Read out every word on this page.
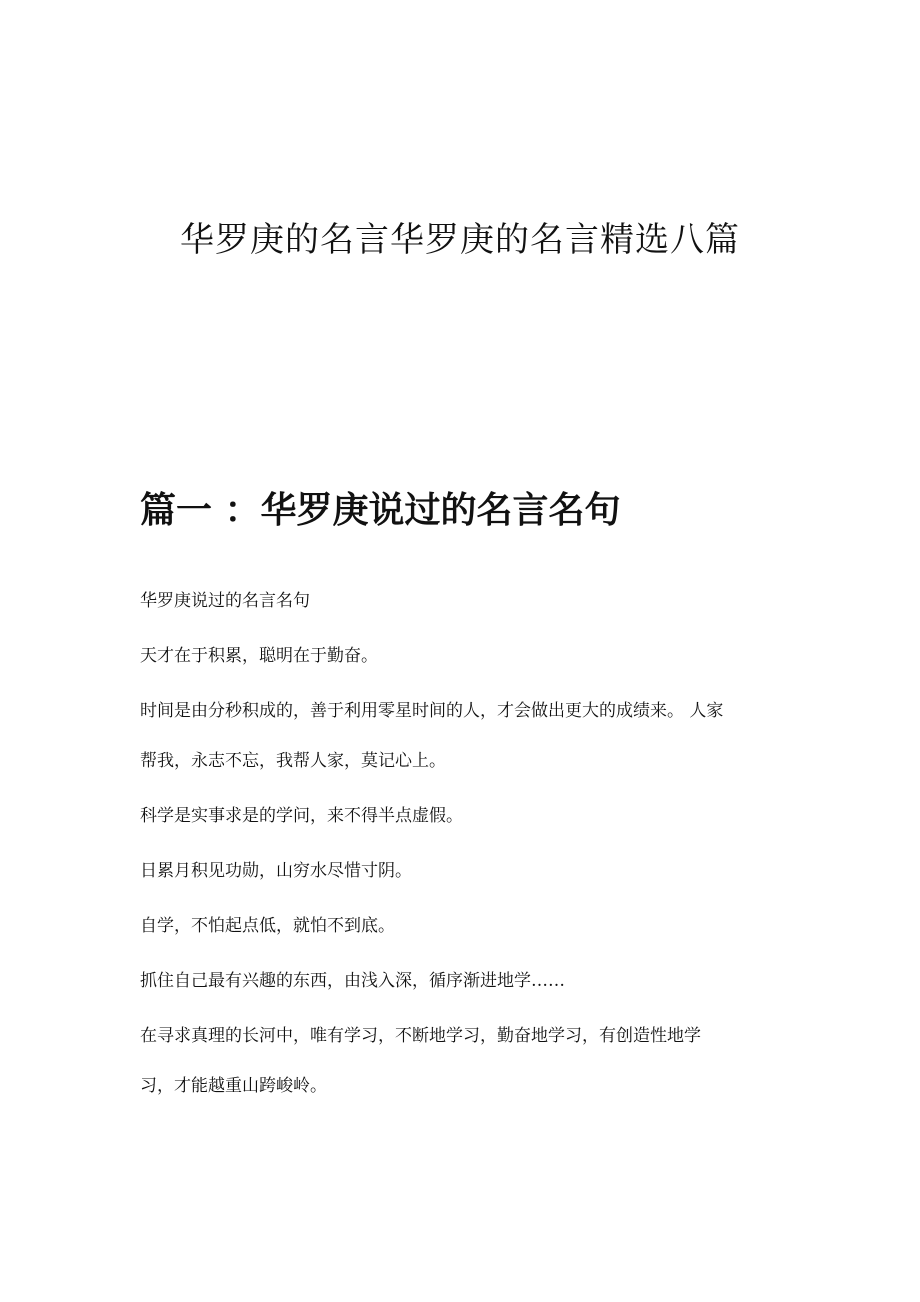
华罗庚的名言华罗庚的名言精选八篇
篇一 ：华罗庚说过的名言名句

华罗庚说过的名言名句

天才在于积累，聪明在于勤奋。

时间是由分秒积成的，善于利用零星时间的人，才会做出更大的成绩来。 人家
帮我，永志不忘，我帮人家，莫记心上。

科学是实事求是的学问，来不得半点虚假。

日累月积见功勋，山穷水尽惜寸阴。

自学，不怕起点低，就怕不到底。

抓住自己最有兴趣的东西，由浅入深，循序渐进地学……

在寻求真理的长河中，唯有学习，不断地学习，勤奋地学习，有创造性地学
习，才能越重山跨峻岭。
